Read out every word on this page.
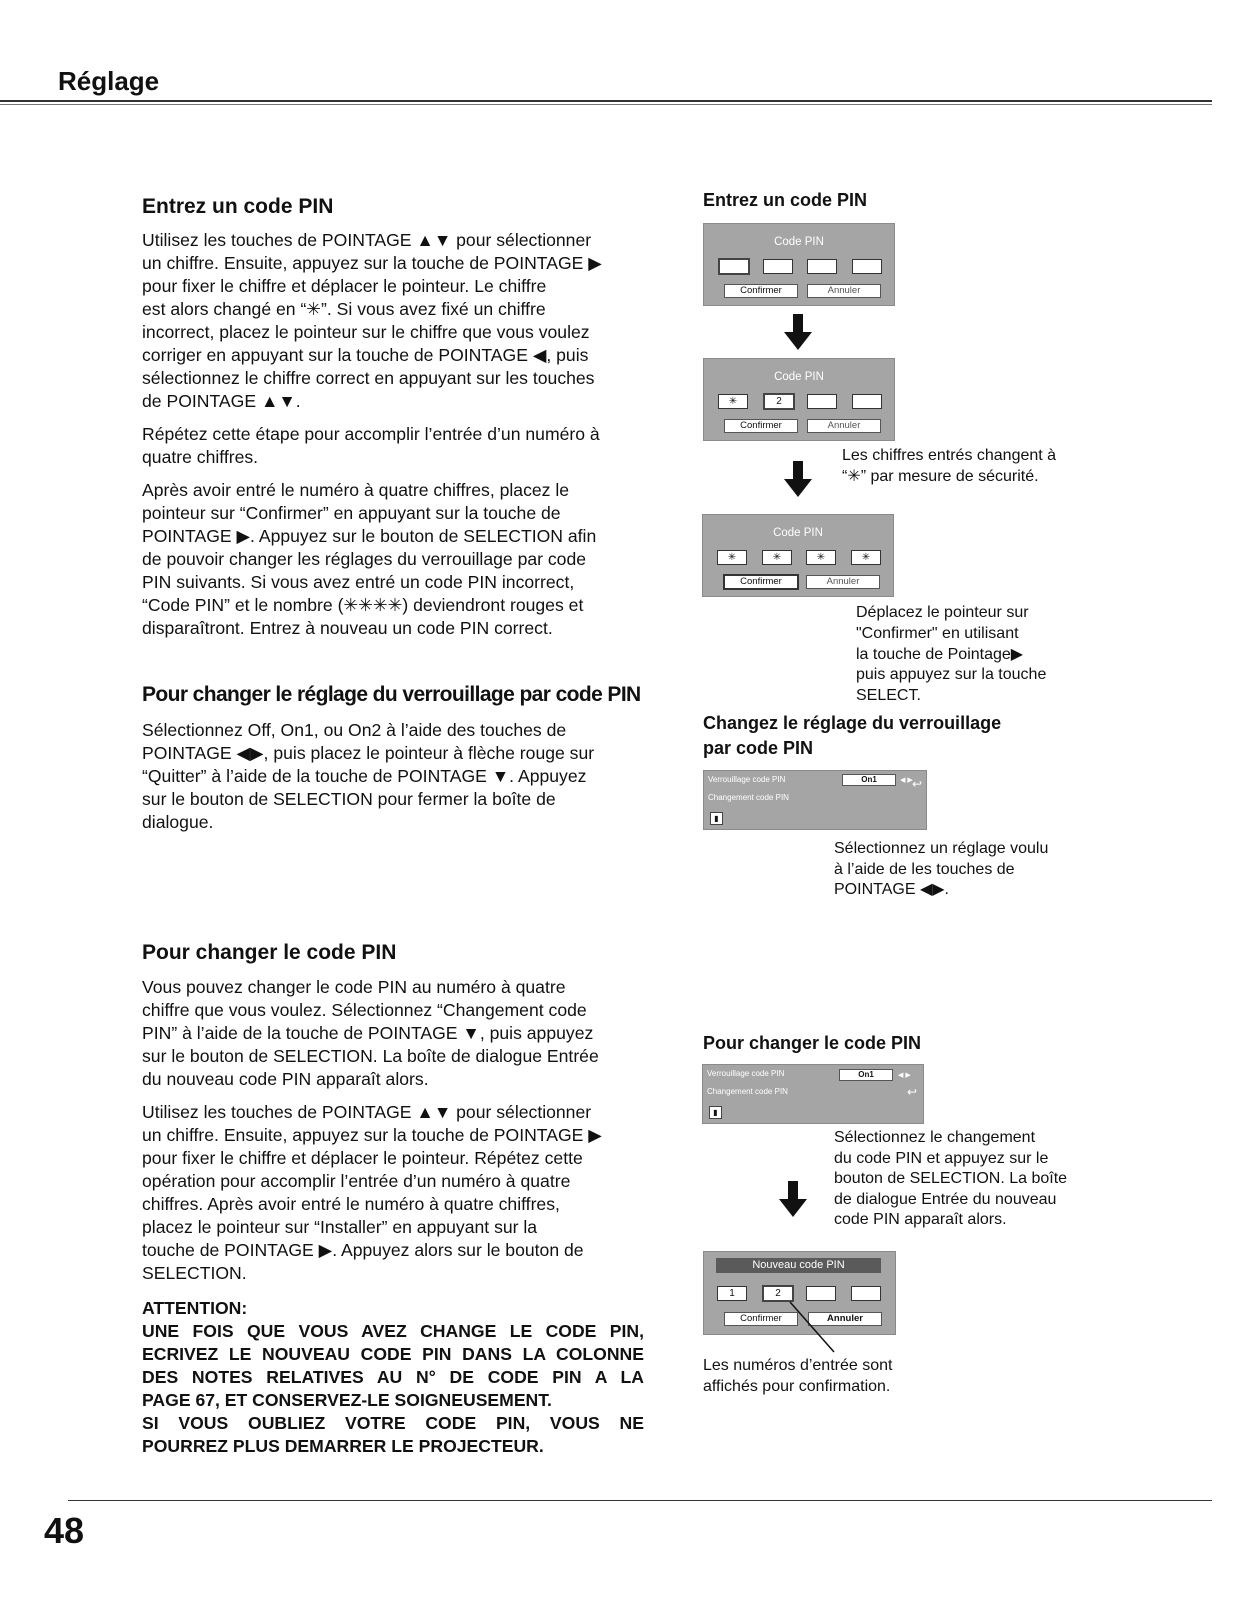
Réglage
Entrez un code PIN
Utilisez les touches de POINTAGE ▲▼ pour sélectionner
un chiffre. Ensuite, appuyez sur la touche de POINTAGE ▶
pour fixer le chiffre et déplacer le pointeur. Le chiffre
est alors changé en “✳”. Si vous avez fixé un chiffre
incorrect, placez le pointeur sur le chiffre que vous voulez
corriger en appuyant sur la touche de POINTAGE ◀, puis
sélectionnez le chiffre correct en appuyant sur les touches
de POINTAGE ▲▼.
Répétez cette étape pour accomplir l’entrée d’un numéro à
quatre chiffres.
Après avoir entré le numéro à quatre chiffres, placez le
pointeur sur “Confirmer” en appuyant sur la touche de
POINTAGE ▶. Appuyez sur le bouton de SELECTION afin
de pouvoir changer les réglages du verrouillage par code
PIN suivants. Si vous avez entré un code PIN incorrect,
“Code PIN” et le nombre (✳✳✳✳) deviendront rouges et
disparaîtront. Entrez à nouveau un code PIN correct.
Pour changer le réglage du verrouillage par code PIN
Sélectionnez Off, On1, ou On2 à l’aide des touches de
POINTAGE ◀▶, puis placez le pointeur à flèche rouge sur
“Quitter” à l’aide de la touche de POINTAGE ▼. Appuyez
sur le bouton de SELECTION pour fermer la boîte de
dialogue.
Pour changer le code PIN
Vous pouvez changer le code PIN au numéro à quatre
chiffre que vous voulez. Sélectionnez “Changement code
PIN” à l’aide de la touche de POINTAGE ▼, puis appuyez
sur le bouton de SELECTION. La boîte de dialogue Entrée
du nouveau code PIN apparaît alors.
Utilisez les touches de POINTAGE ▲▼ pour sélectionner
un chiffre. Ensuite, appuyez sur la touche de POINTAGE ▶
pour fixer le chiffre et déplacer le pointeur. Répétez cette
opération pour accomplir l’entrée d’un numéro à quatre
chiffres. Après avoir entré le numéro à quatre chiffres,
placez le pointeur sur “Installer” en appuyant sur la
touche de POINTAGE ▶. Appuyez alors sur le bouton de
SELECTION.
ATTENTION:
UNE FOIS QUE VOUS AVEZ CHANGE LE CODE PIN,
ECRIVEZ LE NOUVEAU CODE PIN DANS LA COLONNE
DES NOTES RELATIVES AU N° DE CODE PIN A LA
PAGE 67, ET CONSERVEZ-LE SOIGNEUSEMENT.
SI VOUS OUBLIEZ VOTRE CODE PIN, VOUS NE
POURREZ PLUS DEMARRER LE PROJECTEUR.
Entrez un code PIN
Code PIN
Confirmer	Annuler
Code PIN
✳	2
Confirmer	Annuler
Les chiffres entrés changent à
“✳” par mesure de sécurité.
Code PIN
✳	✳	✳	✳
Confirmer	Annuler
Déplacez le pointeur sur
"Confirmer" en utilisant
la touche de Pointage▶
puis appuyez sur la touche
SELECT.
Changez le réglage du verrouillage
par code PIN
Verrouillage code PIN
Changement code PIN
On1	◀ ▶ ↩
▮
Sélectionnez un réglage voulu
à l’aide de les touches de
POINTAGE ◀▶.
Pour changer le code PIN
Verrouillage code PIN
Changement code PIN
On1	◀ ▶
↩
▮
Sélectionnez le changement
du code PIN et appuyez sur le
bouton de SELECTION. La boîte
de dialogue Entrée du nouveau
code PIN apparaît alors.
Nouveau code PIN
1	2
Confirmer	Annuler
Les numéros d’entrée sont
affichés pour confirmation.
48
